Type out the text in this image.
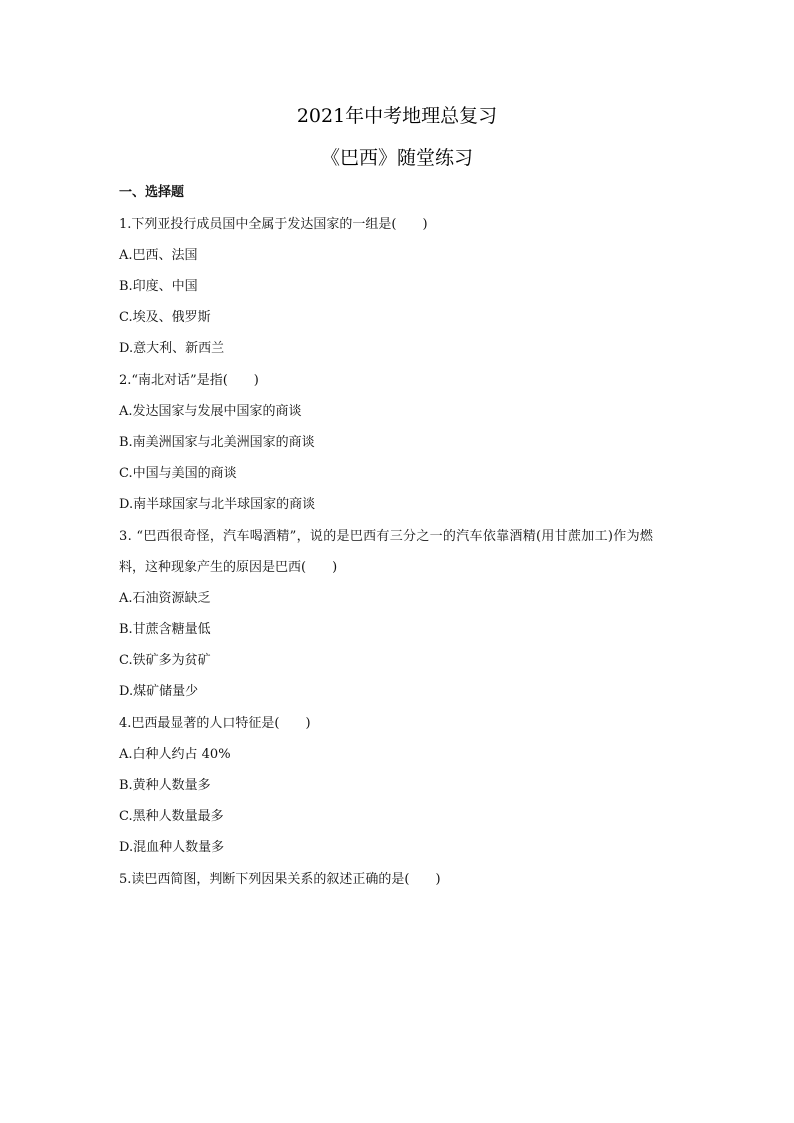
2021年中考地理总复习
《巴西》随堂练习
一、选择题
1.下列亚投行成员国中全属于发达国家的一组是(　　)
A.巴西、法国
B.印度、中国
C.埃及、俄罗斯
D.意大利、新西兰
2.“南北对话”是指(　　)
A.发达国家与发展中国家的商谈
B.南美洲国家与北美洲国家的商谈
C.中国与美国的商谈
D.南半球国家与北半球国家的商谈
3. “巴西很奇怪，汽车喝酒精”，说的是巴西有三分之一的汽车依靠酒精(用甘蔗加工)作为燃
料，这种现象产生的原因是巴西(　　)
A.石油资源缺乏
B.甘蔗含糖量低
C.铁矿多为贫矿
D.煤矿储量少
4.巴西最显著的人口特征是(　　)
A.白种人约占 40%
B.黄种人数量多
C.黑种人数量最多
D.混血种人数量多
5.读巴西简图，判断下列因果关系的叙述正确的是(　　)
